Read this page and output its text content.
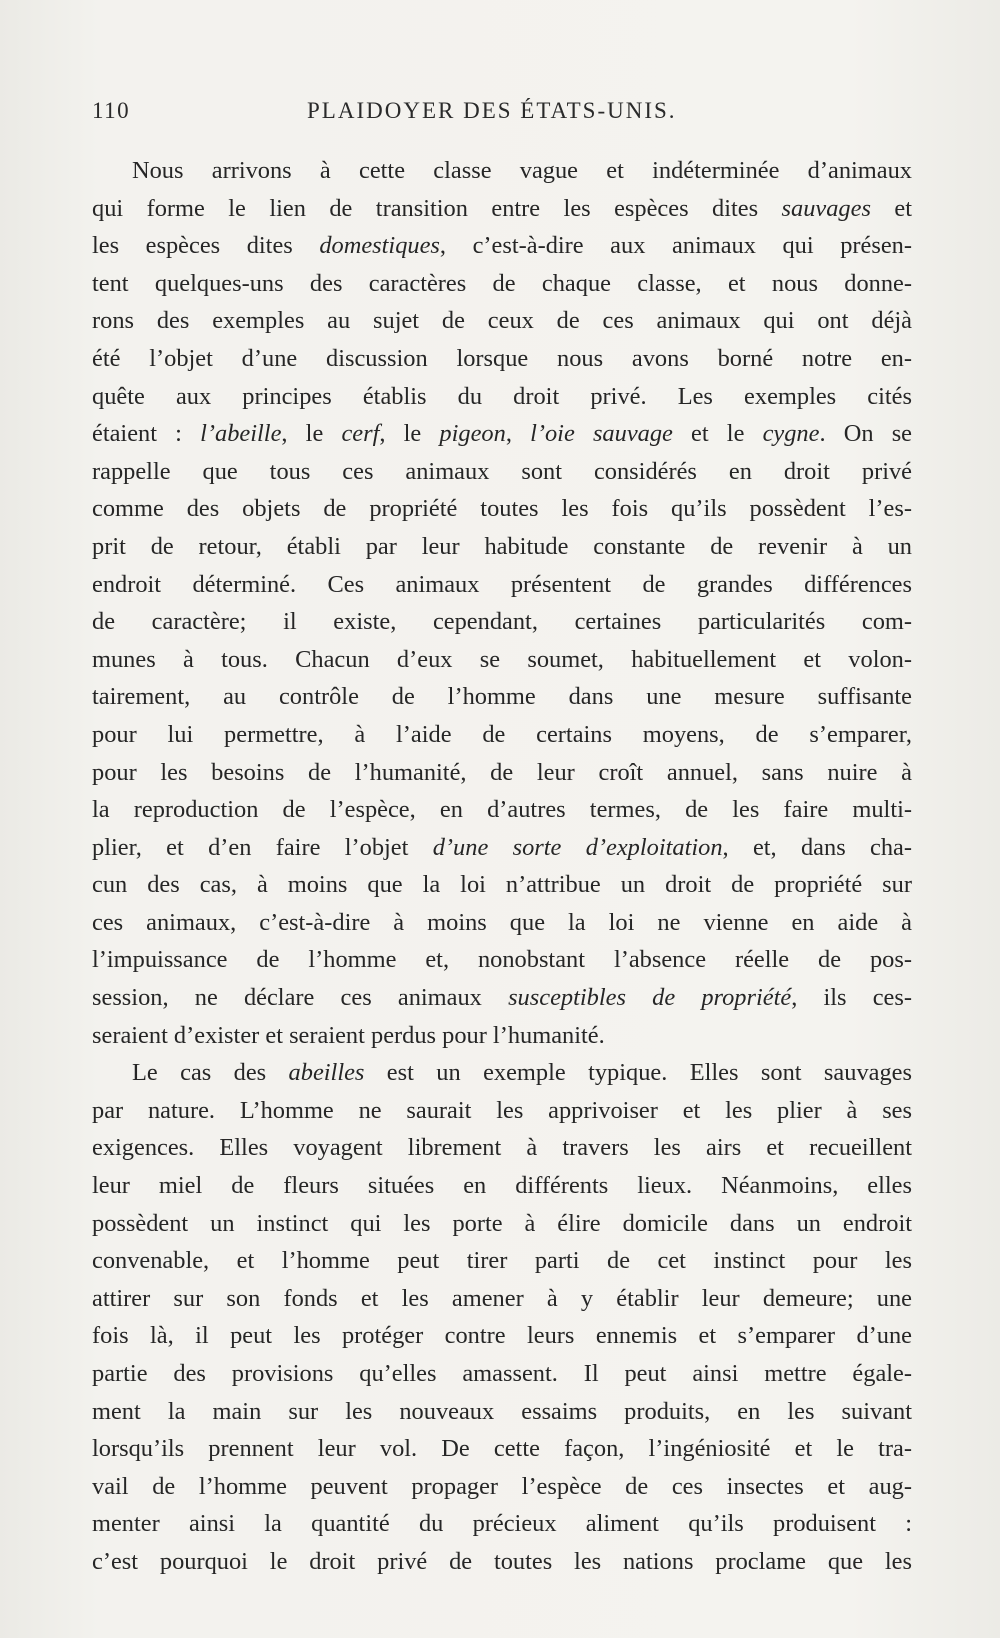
110	PLAIDOYER DES ÉTATS-UNIS.
Nous arrivons à cette classe vague et indéterminée d’animaux
qui forme le lien de transition entre les espèces dites sauvages et
les espèces dites domestiques, c’est-à-dire aux animaux qui présen-
tent quelques-uns des caractères de chaque classe, et nous donne-
rons des exemples au sujet de ceux de ces animaux qui ont déjà
été l’objet d’une discussion lorsque nous avons borné notre en-
quête aux principes établis du droit privé. Les exemples cités
étaient : l’abeille, le cerf, le pigeon, l’oie sauvage et le cygne. On se
rappelle que tous ces animaux sont considérés en droit privé
comme des objets de propriété toutes les fois qu’ils possèdent l’es-
prit de retour, établi par leur habitude constante de revenir à un
endroit déterminé. Ces animaux présentent de grandes différences
de caractère; il existe, cependant, certaines particularités com-
munes à tous. Chacun d’eux se soumet, habituellement et volon-
tairement, au contrôle de l’homme dans une mesure suffisante
pour lui permettre, à l’aide de certains moyens, de s’emparer,
pour les besoins de l’humanité, de leur croît annuel, sans nuire à
la reproduction de l’espèce, en d’autres termes, de les faire multi-
plier, et d’en faire l’objet d’une sorte d’exploitation, et, dans cha-
cun des cas, à moins que la loi n’attribue un droit de propriété sur
ces animaux, c’est-à-dire à moins que la loi ne vienne en aide à
l’impuissance de l’homme et, nonobstant l’absence réelle de pos-
session, ne déclare ces animaux susceptibles de propriété, ils ces-
seraient d’exister et seraient perdus pour l’humanité.
Le cas des abeilles est un exemple typique. Elles sont sauvages
par nature. L’homme ne saurait les apprivoiser et les plier à ses
exigences. Elles voyagent librement à travers les airs et recueillent
leur miel de fleurs situées en différents lieux. Néanmoins, elles
possèdent un instinct qui les porte à élire domicile dans un endroit
convenable, et l’homme peut tirer parti de cet instinct pour les
attirer sur son fonds et les amener à y établir leur demeure; une
fois là, il peut les protéger contre leurs ennemis et s’emparer d’une
partie des provisions qu’elles amassent. Il peut ainsi mettre égale-
ment la main sur les nouveaux essaims produits, en les suivant
lorsqu’ils prennent leur vol. De cette façon, l’ingéniosité et le tra-
vail de l’homme peuvent propager l’espèce de ces insectes et aug-
menter ainsi la quantité du précieux aliment qu’ils produisent :
c’est pourquoi le droit privé de toutes les nations proclame que les
